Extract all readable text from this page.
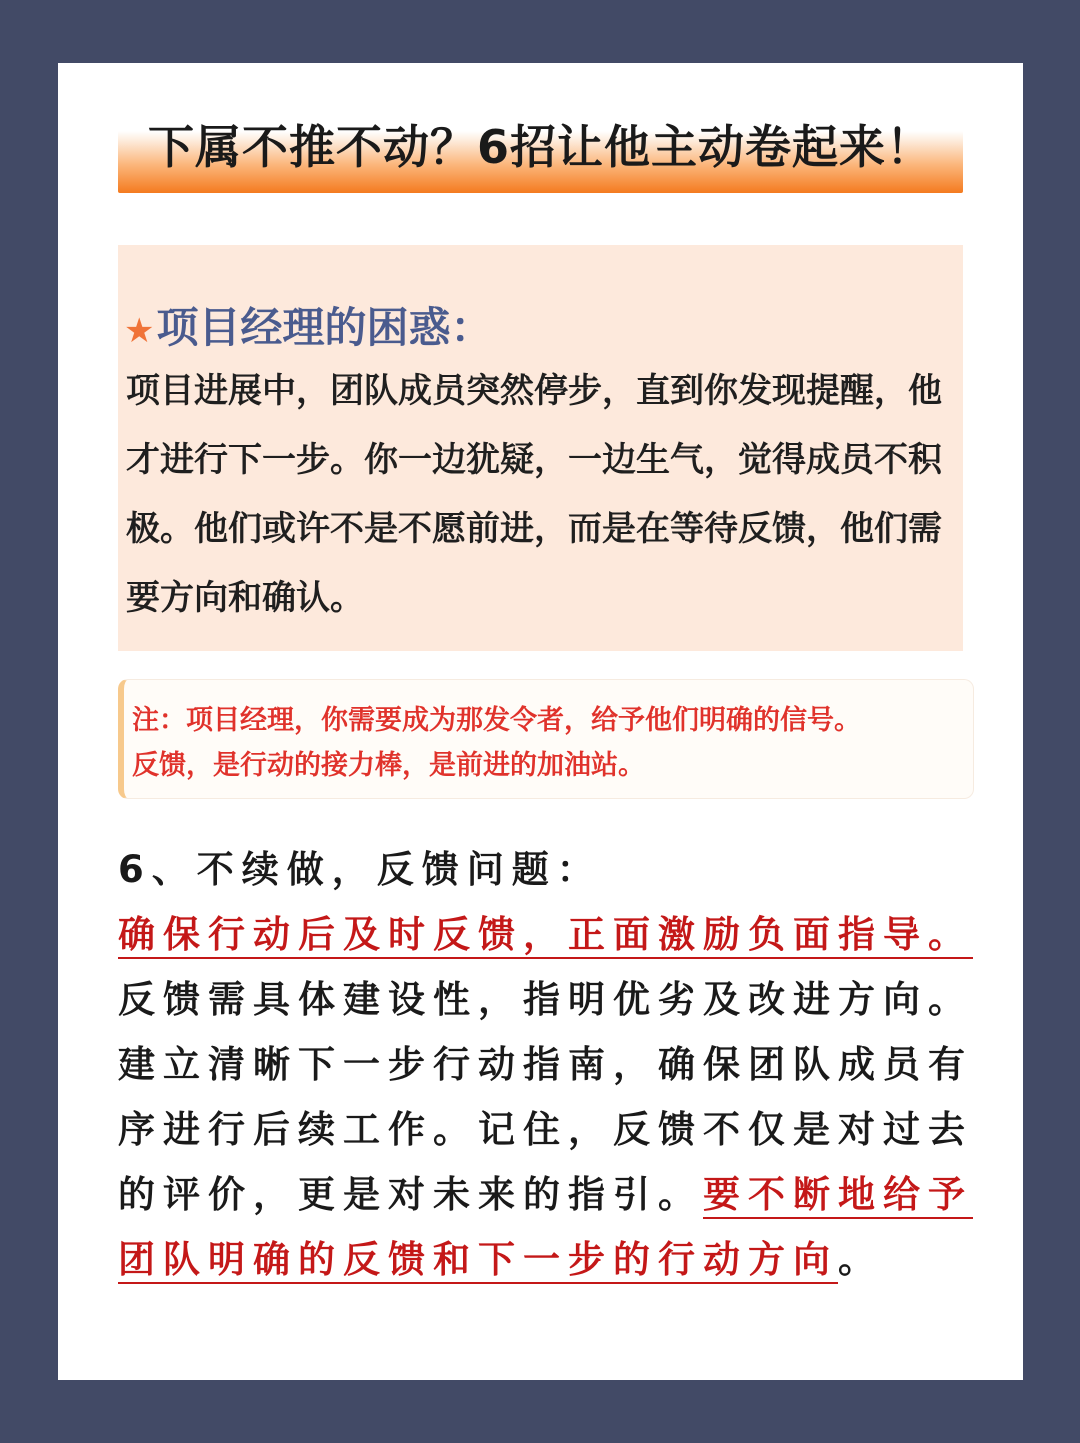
下属不推不动？6招让他主动卷起来！
★项目经理的困惑：
项目进展中，团队成员突然停步，直到你发现提醒，他才进行下一步。你一边犹疑，一边生气，觉得成员不积极。他们或许不是不愿前进，而是在等待反馈，他们需要方向和确认。
注：项目经理，你需要成为那发令者，给予他们明确的信号。
反馈，是行动的接力棒，是前进的加油站。
6、不续做，反馈问题：
确保行动后及时反馈，正面激励负面指导。反馈需具体建设性，指明优劣及改进方向。建立清晰下一步行动指南，确保团队成员有序进行后续工作。记住，反馈不仅是对过去的评价，更是对未来的指引。要不断地给予团队明确的反馈和下一步的行动方向。
